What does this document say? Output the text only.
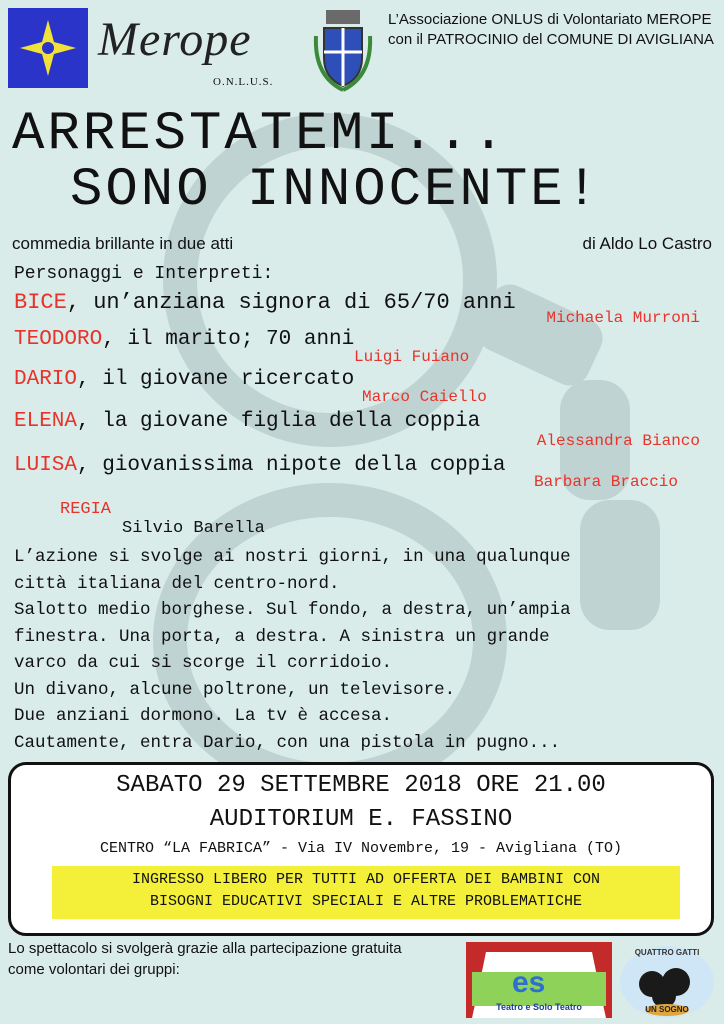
Merope
O.N.L.U.S.
L’Associazione ONLUS di Volontariato MEROPE
con il PATROCINIO del COMUNE DI AVIGLIANA
ARRESTATEMI...
SONO INNOCENTE!
commedia brillante in due atti	di Aldo Lo Castro
Personaggi e Interpreti:
BICE, un’anziana signora di 65/70 anni
Michaela Murroni
TEODORO, il marito; 70 anni
Luigi Fuiano
DARIO, il giovane ricercato
Marco Caiello
ELENA, la giovane figlia della coppia
Alessandra Bianco
LUISA, giovanissima nipote della coppia
Barbara Braccio
REGIA
Silvio Barella
L’azione si svolge ai nostri giorni, in una qualunque
città italiana del centro-nord.
Salotto medio borghese. Sul fondo, a destra, un’ampia
finestra. Una porta, a destra. A sinistra un grande
varco da cui si scorge il corridoio.
Un divano, alcune poltrone, un televisore.
Due anziani dormono. La tv è accesa.
Cautamente, entra Dario, con una pistola in pugno...
SABATO 29 SETTEMBRE 2018 ORE 21.00
AUDITORIUM E. FASSINO
CENTRO “LA FABRICA” - Via IV Novembre, 19 - Avigliana (TO)
INGRESSO LIBERO PER TUTTI AD OFFERTA DEI BAMBINI CON
BISOGNI EDUCATIVI SPECIALI E ALTRE PROBLEMATICHE
Lo spettacolo si svolgerà grazie alla partecipazione gratuita
come volontari dei gruppi:	es
Teatro e Solo Teatro
QUATTRO GATTI
UN SOGNO
